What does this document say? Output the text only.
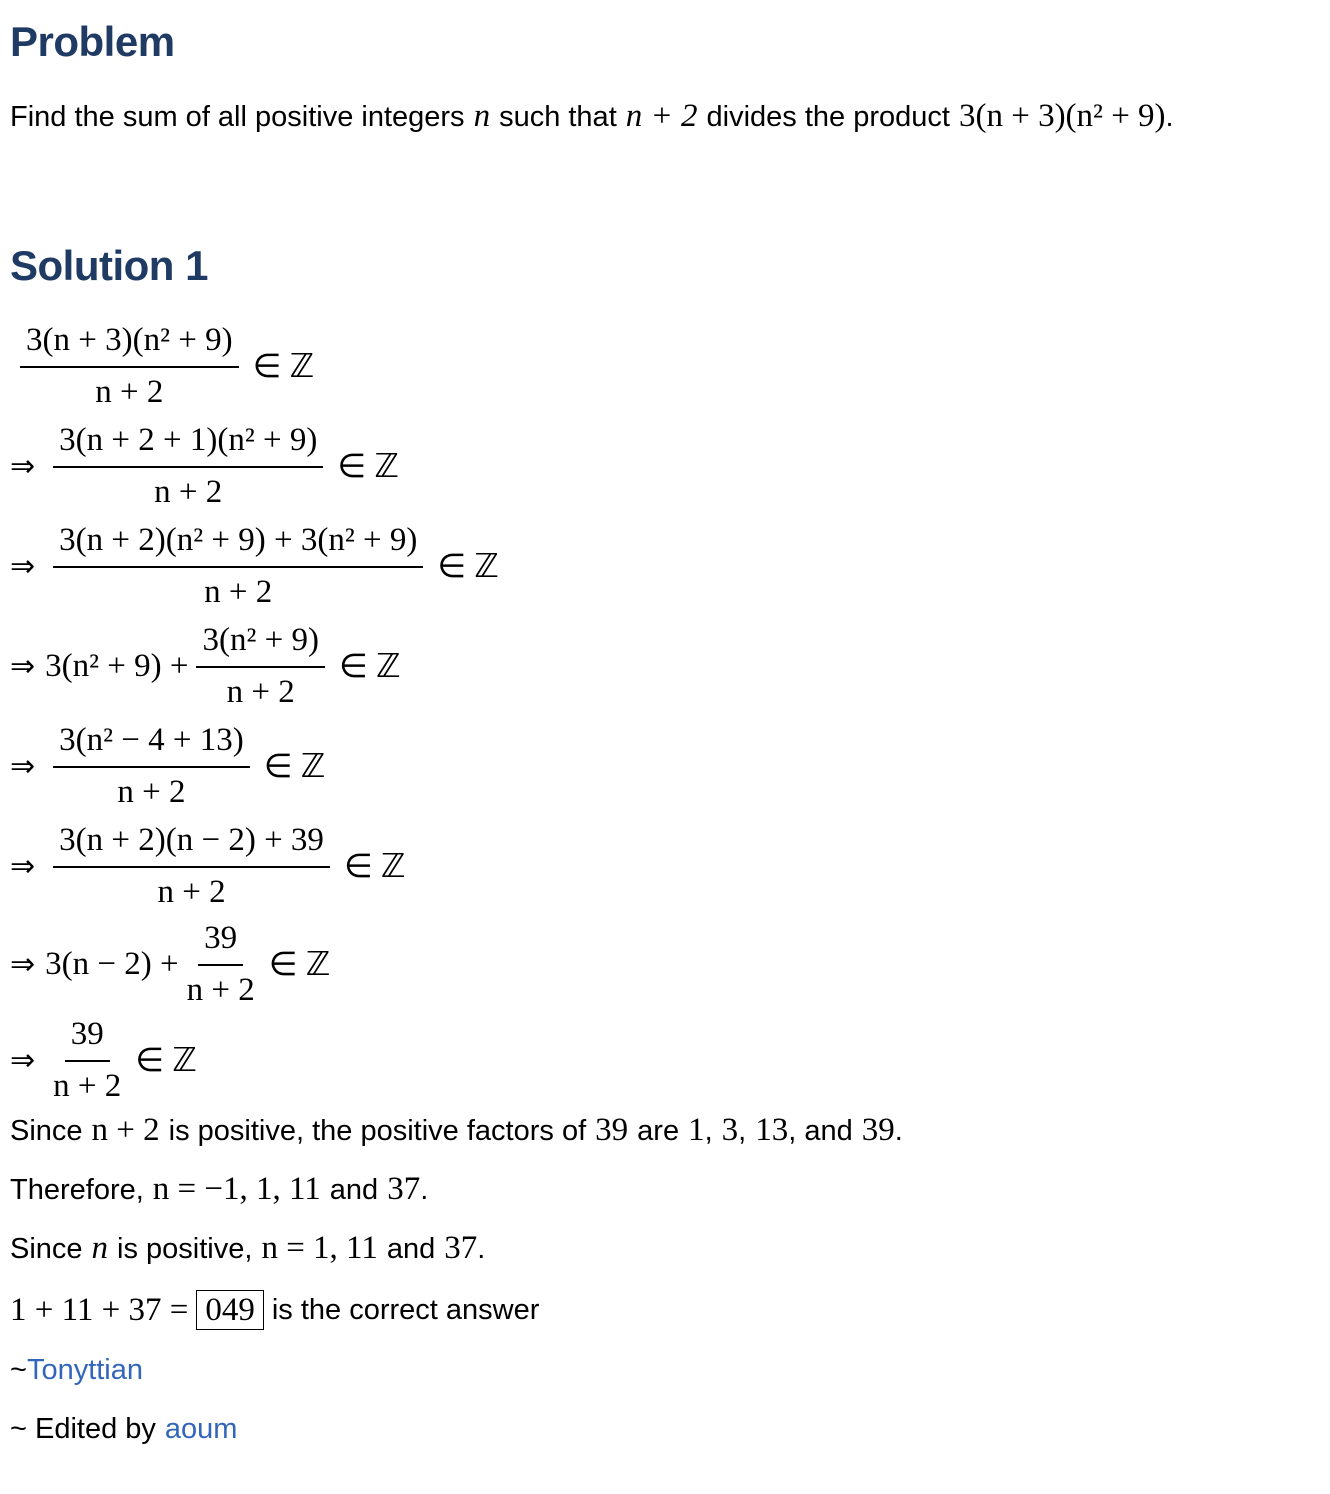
Problem
Find the sum of all positive integers n such that n + 2 divides the product 3(n + 3)(n² + 9) .
Solution 1
$\frac{\text{3(n + 3)(n² + 9)}}{n + 2}$ ∈ ℤ
⇒ $\frac{\text{3(n + 2 + 1)(n² + 9)}}{n + 2}$ ∈ ℤ
⇒ $\frac{\text{3(n + 2)(n² + 9) + 3(n² + 9)}}{n + 2}$ ∈ ℤ
⇒ $3(n^2 + 9) + \frac{\text{3(n² + 9)}}{n + 2}$ ∈ ℤ
⇒ $\frac{\text{3(n² − 4 + 13)}}{n + 2}$ ∈ ℤ
⇒ $\frac{3(n + 2)(n - 2) + 39}{n + 2}$ ∈ ℤ
⇒ $3(n - 2) + \frac{39}{n + 2}$ ∈ ℤ
⇒ $\frac{39}{n + 2}$ ∈ ℤ
Since n + 2 is positive, the positive factors of 39 are 1 , 3 , 13 , and 39 .
Therefore, n = −1, 1, 11 and 37 .
Since n is positive, n = 1, 11 and 37 .
1 + 11 + 37 = 049 is the correct answer
~ Tonyttian
~ Edited by aoum
